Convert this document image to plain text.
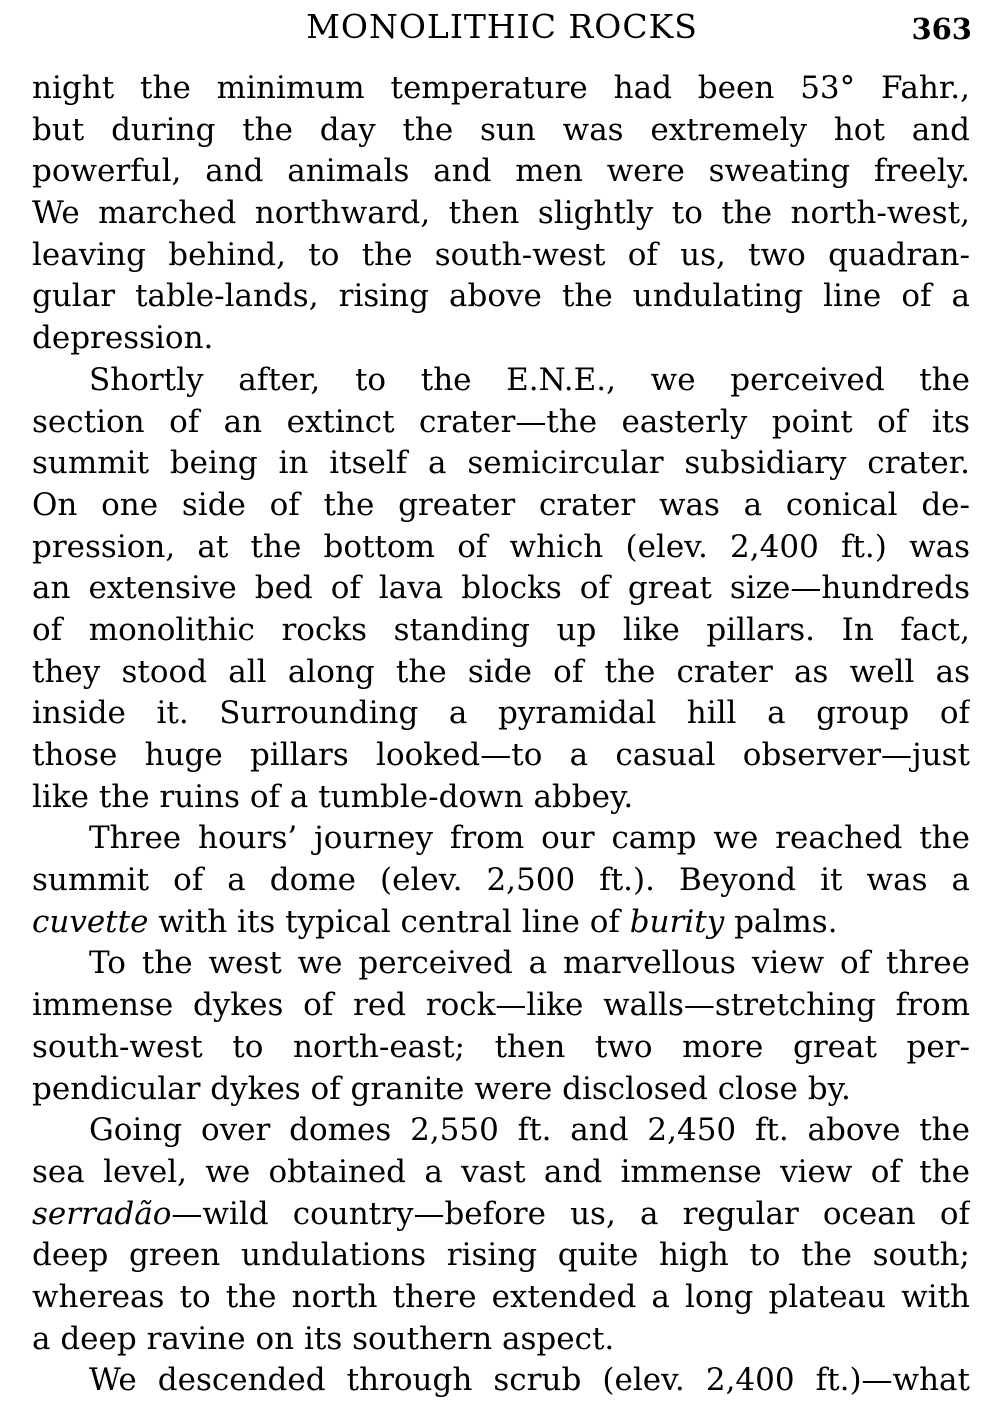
MONOLITHIC ROCKS	363
night the minimum temperature had been 53° Fahr.,
but during the day the sun was extremely hot and
powerful, and animals and men were sweating freely.
We marched northward, then slightly to the north-west,
leaving behind, to the south-west of us, two quadran-
gular table-lands, rising above the undulating line of a
depression.
Shortly after, to the E.N.E., we perceived the
section of an extinct crater—the easterly point of its
summit being in itself a semicircular subsidiary crater.
On one side of the greater crater was a conical de-
pression, at the bottom of which (elev. 2,400 ft.) was
an extensive bed of lava blocks of great size—hundreds
of monolithic rocks standing up like pillars. In fact,
they stood all along the side of the crater as well as
inside it. Surrounding a pyramidal hill a group of
those huge pillars looked—to a casual observer—just
like the ruins of a tumble-down abbey.
Three hours’ journey from our camp we reached the
summit of a dome (elev. 2,500 ft.). Beyond it was a
cuvette with its typical central line of burity palms.
To the west we perceived a marvellous view of three
immense dykes of red rock—like walls—stretching from
south-west to north-east; then two more great per-
pendicular dykes of granite were disclosed close by.
Going over domes 2,550 ft. and 2,450 ft. above the
sea level, we obtained a vast and immense view of the
serradão—wild country—before us, a regular ocean of
deep green undulations rising quite high to the south;
whereas to the north there extended a long plateau with
a deep ravine on its southern aspect.
We descended through scrub (elev. 2,400 ft.)—what
